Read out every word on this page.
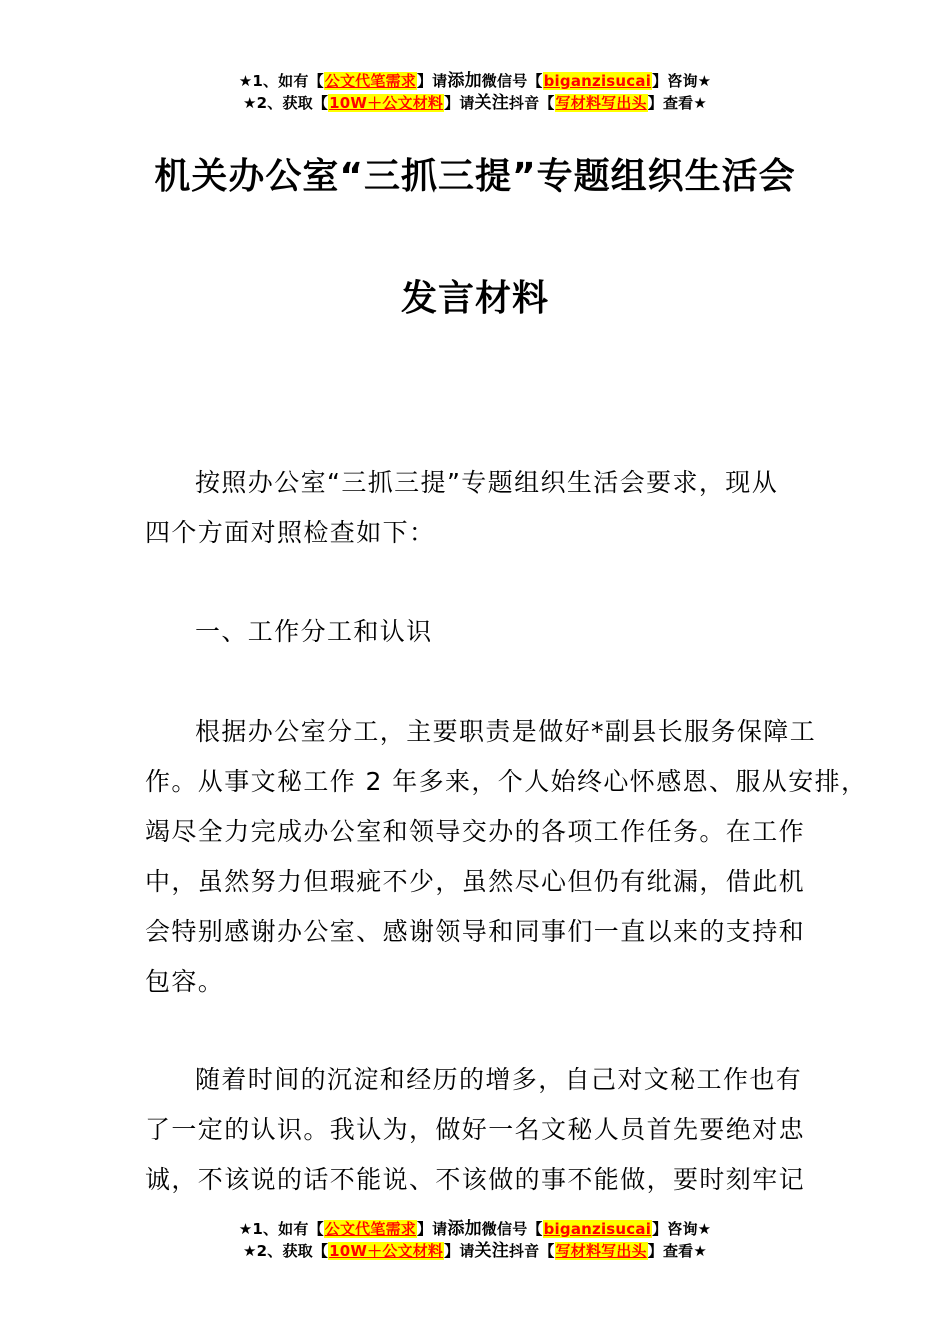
★1、如有【公文代笔需求】请添加微信号【biganzisucai】咨询★
★2、获取【10W＋公文材料】请关注抖音【写材料写出头】查看★
机关办公室“三抓三提”专题组织生活会
发言材料
按照办公室“三抓三提”专题组织生活会要求，现从
四个方面对照检查如下：
一、工作分工和认识
根据办公室分工，主要职责是做好*副县长服务保障工
作。从事文秘工作 2 年多来，个人始终心怀感恩、服从安排，
竭尽全力完成办公室和领导交办的各项工作任务。在工作
中，虽然努力但瑕疵不少，虽然尽心但仍有纰漏，借此机
会特别感谢办公室、感谢领导和同事们一直以来的支持和
包容。
随着时间的沉淀和经历的增多，自己对文秘工作也有
了一定的认识。我认为，做好一名文秘人员首先要绝对忠
诚，不该说的话不能说、不该做的事不能做，要时刻牢记
★1、如有【公文代笔需求】请添加微信号【biganzisucai】咨询★
★2、获取【10W＋公文材料】请关注抖音【写材料写出头】查看★
